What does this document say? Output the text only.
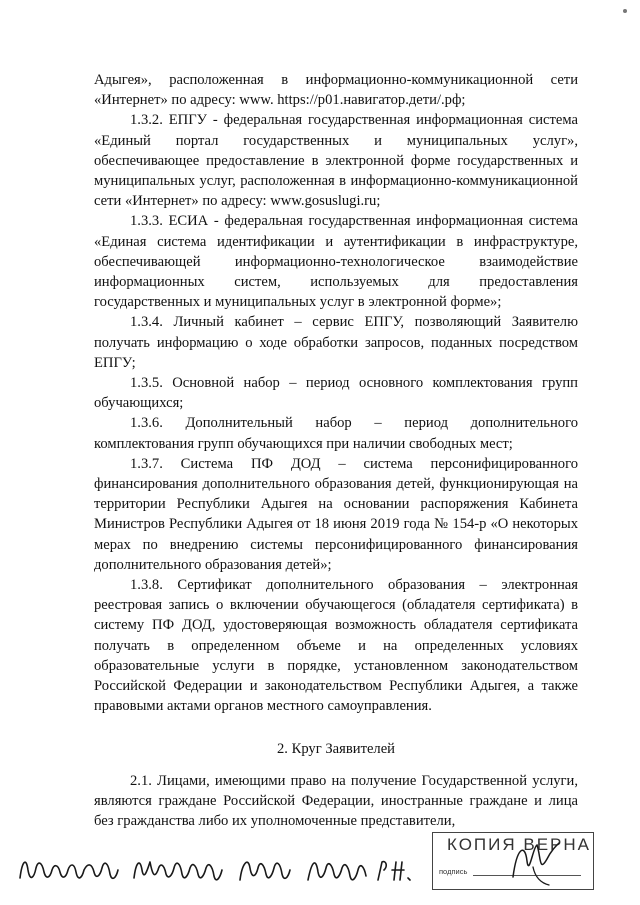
Адыгея», расположенная в информационно-коммуникационной сети «Интернет» по адресу: www. https://p01.навигатор.дети/.рф;

1.3.2. ЕПГУ - федеральная государственная информационная система «Единый портал государственных и муниципальных услуг», обеспечивающее предоставление в электронной форме государственных и муниципальных услуг, расположенная в информационно-коммуникационной сети «Интернет» по адресу: www.gosuslugi.ru;

1.3.3. ЕСИА - федеральная государственная информационная система «Единая система идентификации и аутентификации в инфраструктуре, обеспечивающей информационно-технологическое взаимодействие информационных систем, используемых для предоставления государственных и муниципальных услуг в электронной форме»;

1.3.4. Личный кабинет – сервис ЕПГУ, позволяющий Заявителю получать информацию о ходе обработки запросов, поданных посредством ЕПГУ;

1.3.5. Основной набор – период основного комплектования групп обучающихся;

1.3.6. Дополнительный набор – период дополнительного комплектования групп обучающихся при наличии свободных мест;

1.3.7. Система ПФ ДОД – система персонифицированного финансирования дополнительного образования детей, функционирующая на территории Республики Адыгея на основании распоряжения Кабинета Министров Республики Адыгея от 18 июня 2019 года № 154-р «О некоторых мерах по внедрению системы персонифицированного финансирования дополнительного образования детей»;

1.3.8. Сертификат дополнительного образования – электронная реестровая запись о включении обучающегося (обладателя сертификата) в систему ПФ ДОД, удостоверяющая возможность обладателя сертификата получать в определенном объеме и на определенных условиях образовательные услуги в порядке, установленном законодательством Российской Федерации и законодательством Республики Адыгея, а также правовыми актами органов местного самоуправления.

2. Круг Заявителей

2.1. Лицами, имеющими право на получение Государственной услуги, являются граждане Российской Федерации, иностранные граждане и лица без гражданства либо их уполномоченные представители,

КОПИЯ ВЕРНА
подпись
